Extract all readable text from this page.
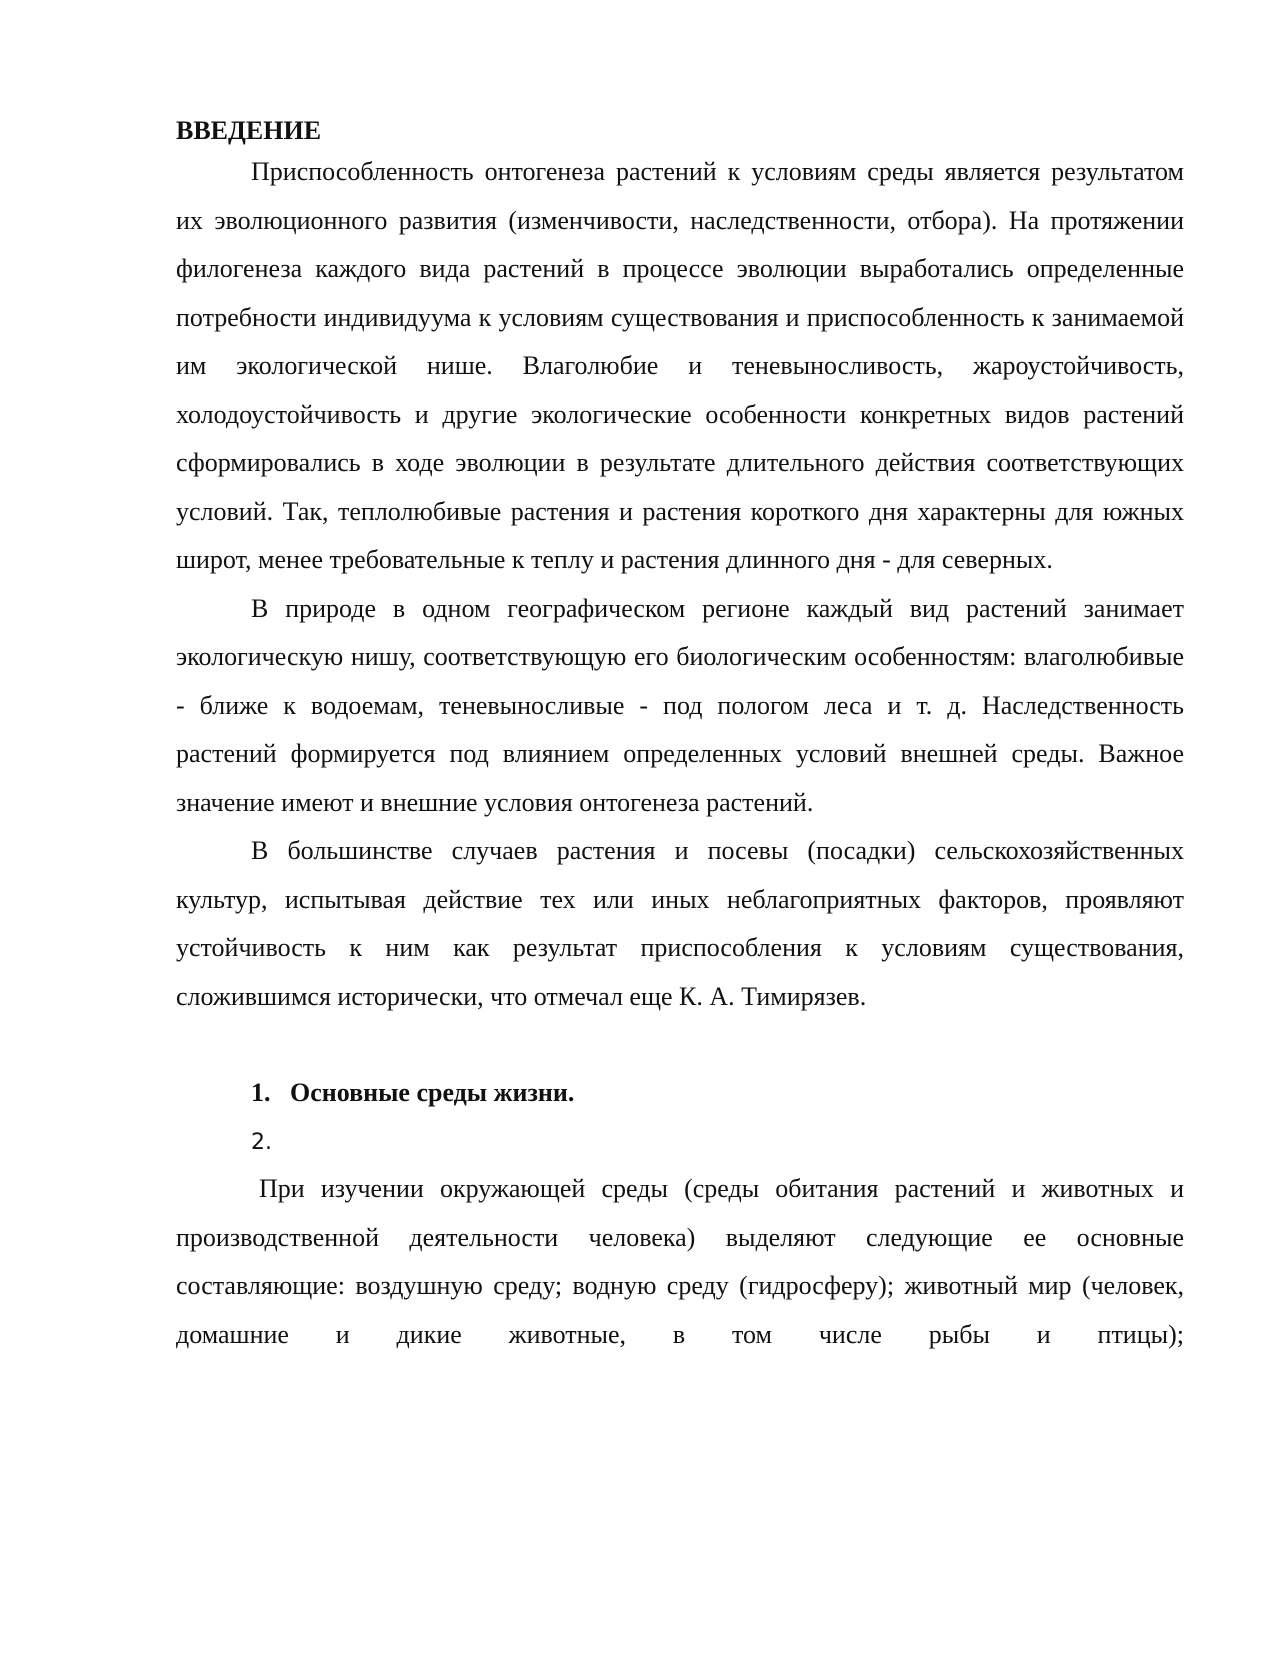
ВВЕДЕНИЕ

Приспособленность онтогенеза растений к условиям среды является результатом их эволюционного развития (изменчивости, наследственности, отбора). На протяжении филогенеза каждого вида растений в процессе эволюции выработались определенные потребности индивидуума к условиям существования и приспособленность к занимаемой им экологической нише. Влаголюбие и теневыносливость, жароустойчивость, холодоустойчивость и другие экологические особенности конкретных видов растений сформировались в ходе эволюции в результате длительного действия соответствующих условий. Так, теплолюбивые растения и растения короткого дня характерны для южных широт, менее требовательные к теплу и растения длинного дня - для северных.

В природе в одном географическом регионе каждый вид растений занимает экологическую нишу, соответствующую его биологическим особенностям: влаголюбивые - ближе к водоемам, теневыносливые - под пологом леса и т. д. Наследственность растений формируется под влиянием определенных условий внешней среды. Важное значение имеют и внешние условия онтогенеза растений.

В большинстве случаев растения и посевы (посадки) сельскохозяйственных культур, испытывая действие тех или иных неблагоприятных факторов, проявляют устойчивость к ним как результат приспособления к условиям существования, сложившимся исторически, что отмечал еще К. А. Тимирязев.

1. Основные среды жизни.
2.

При изучении окружающей среды (среды обитания растений и животных и производственной деятельности человека) выделяют следующие ее основные составляющие: воздушную среду; водную среду (гидросферу); животный мир (человек, домашние и дикие животные, в том числе рыбы и птицы);
